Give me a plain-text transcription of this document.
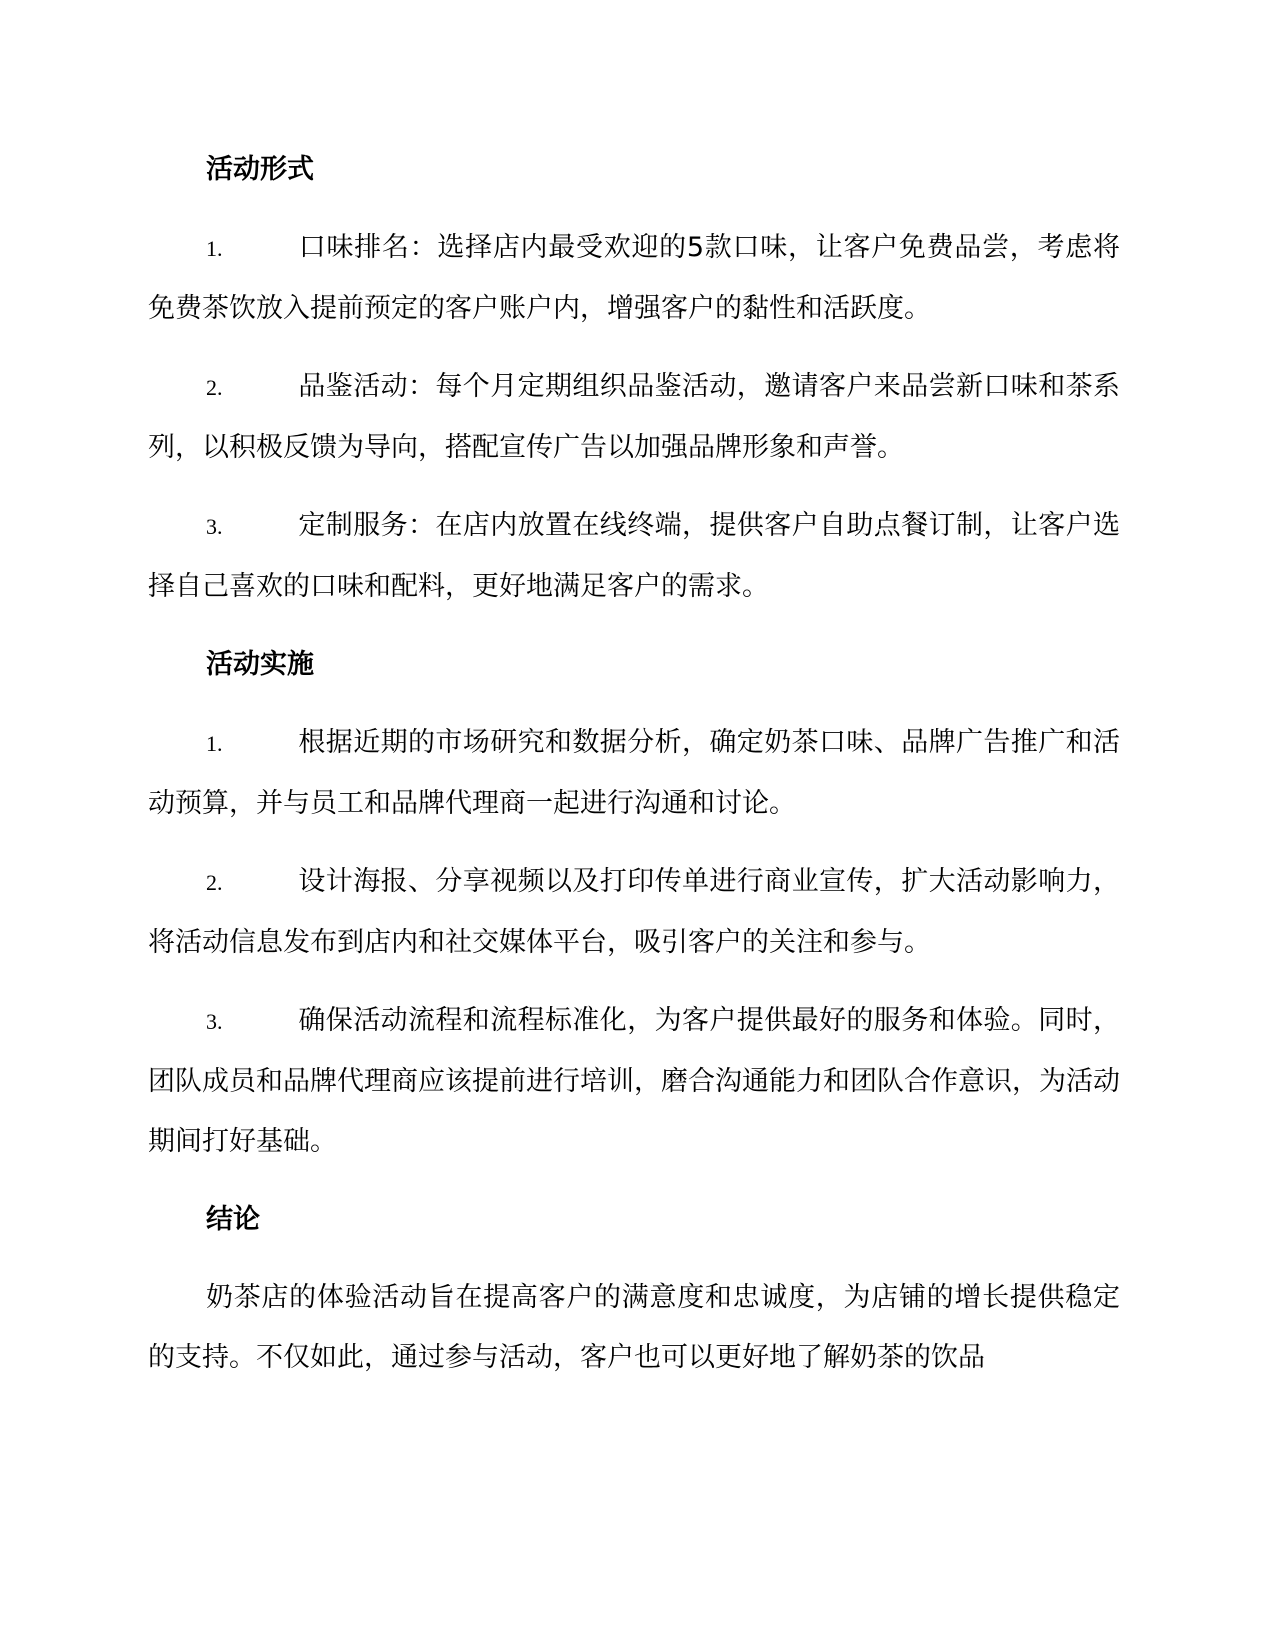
活动形式
1.	口味排名：选择店内最受欢迎的5款口味，让客户免费品尝，考虑将免费茶饮放入提前预定的客户账户内，增强客户的黏性和活跃度。
2.	品鉴活动：每个月定期组织品鉴活动，邀请客户来品尝新口味和茶系列，以积极反馈为导向，搭配宣传广告以加强品牌形象和声誉。
3.	定制服务：在店内放置在线终端，提供客户自助点餐订制，让客户选择自己喜欢的口味和配料，更好地满足客户的需求。
活动实施
1.	根据近期的市场研究和数据分析，确定奶茶口味、品牌广告推广和活动预算，并与员工和品牌代理商一起进行沟通和讨论。
2.	设计海报、分享视频以及打印传单进行商业宣传，扩大活动影响力，将活动信息发布到店内和社交媒体平台，吸引客户的关注和参与。
3.	确保活动流程和流程标准化，为客户提供最好的服务和体验。同时，团队成员和品牌代理商应该提前进行培训，磨合沟通能力和团队合作意识，为活动期间打好基础。
结论
奶茶店的体验活动旨在提高客户的满意度和忠诚度，为店铺的增长提供稳定的支持。不仅如此，通过参与活动，客户也可以更好地了解奶茶的饮品
